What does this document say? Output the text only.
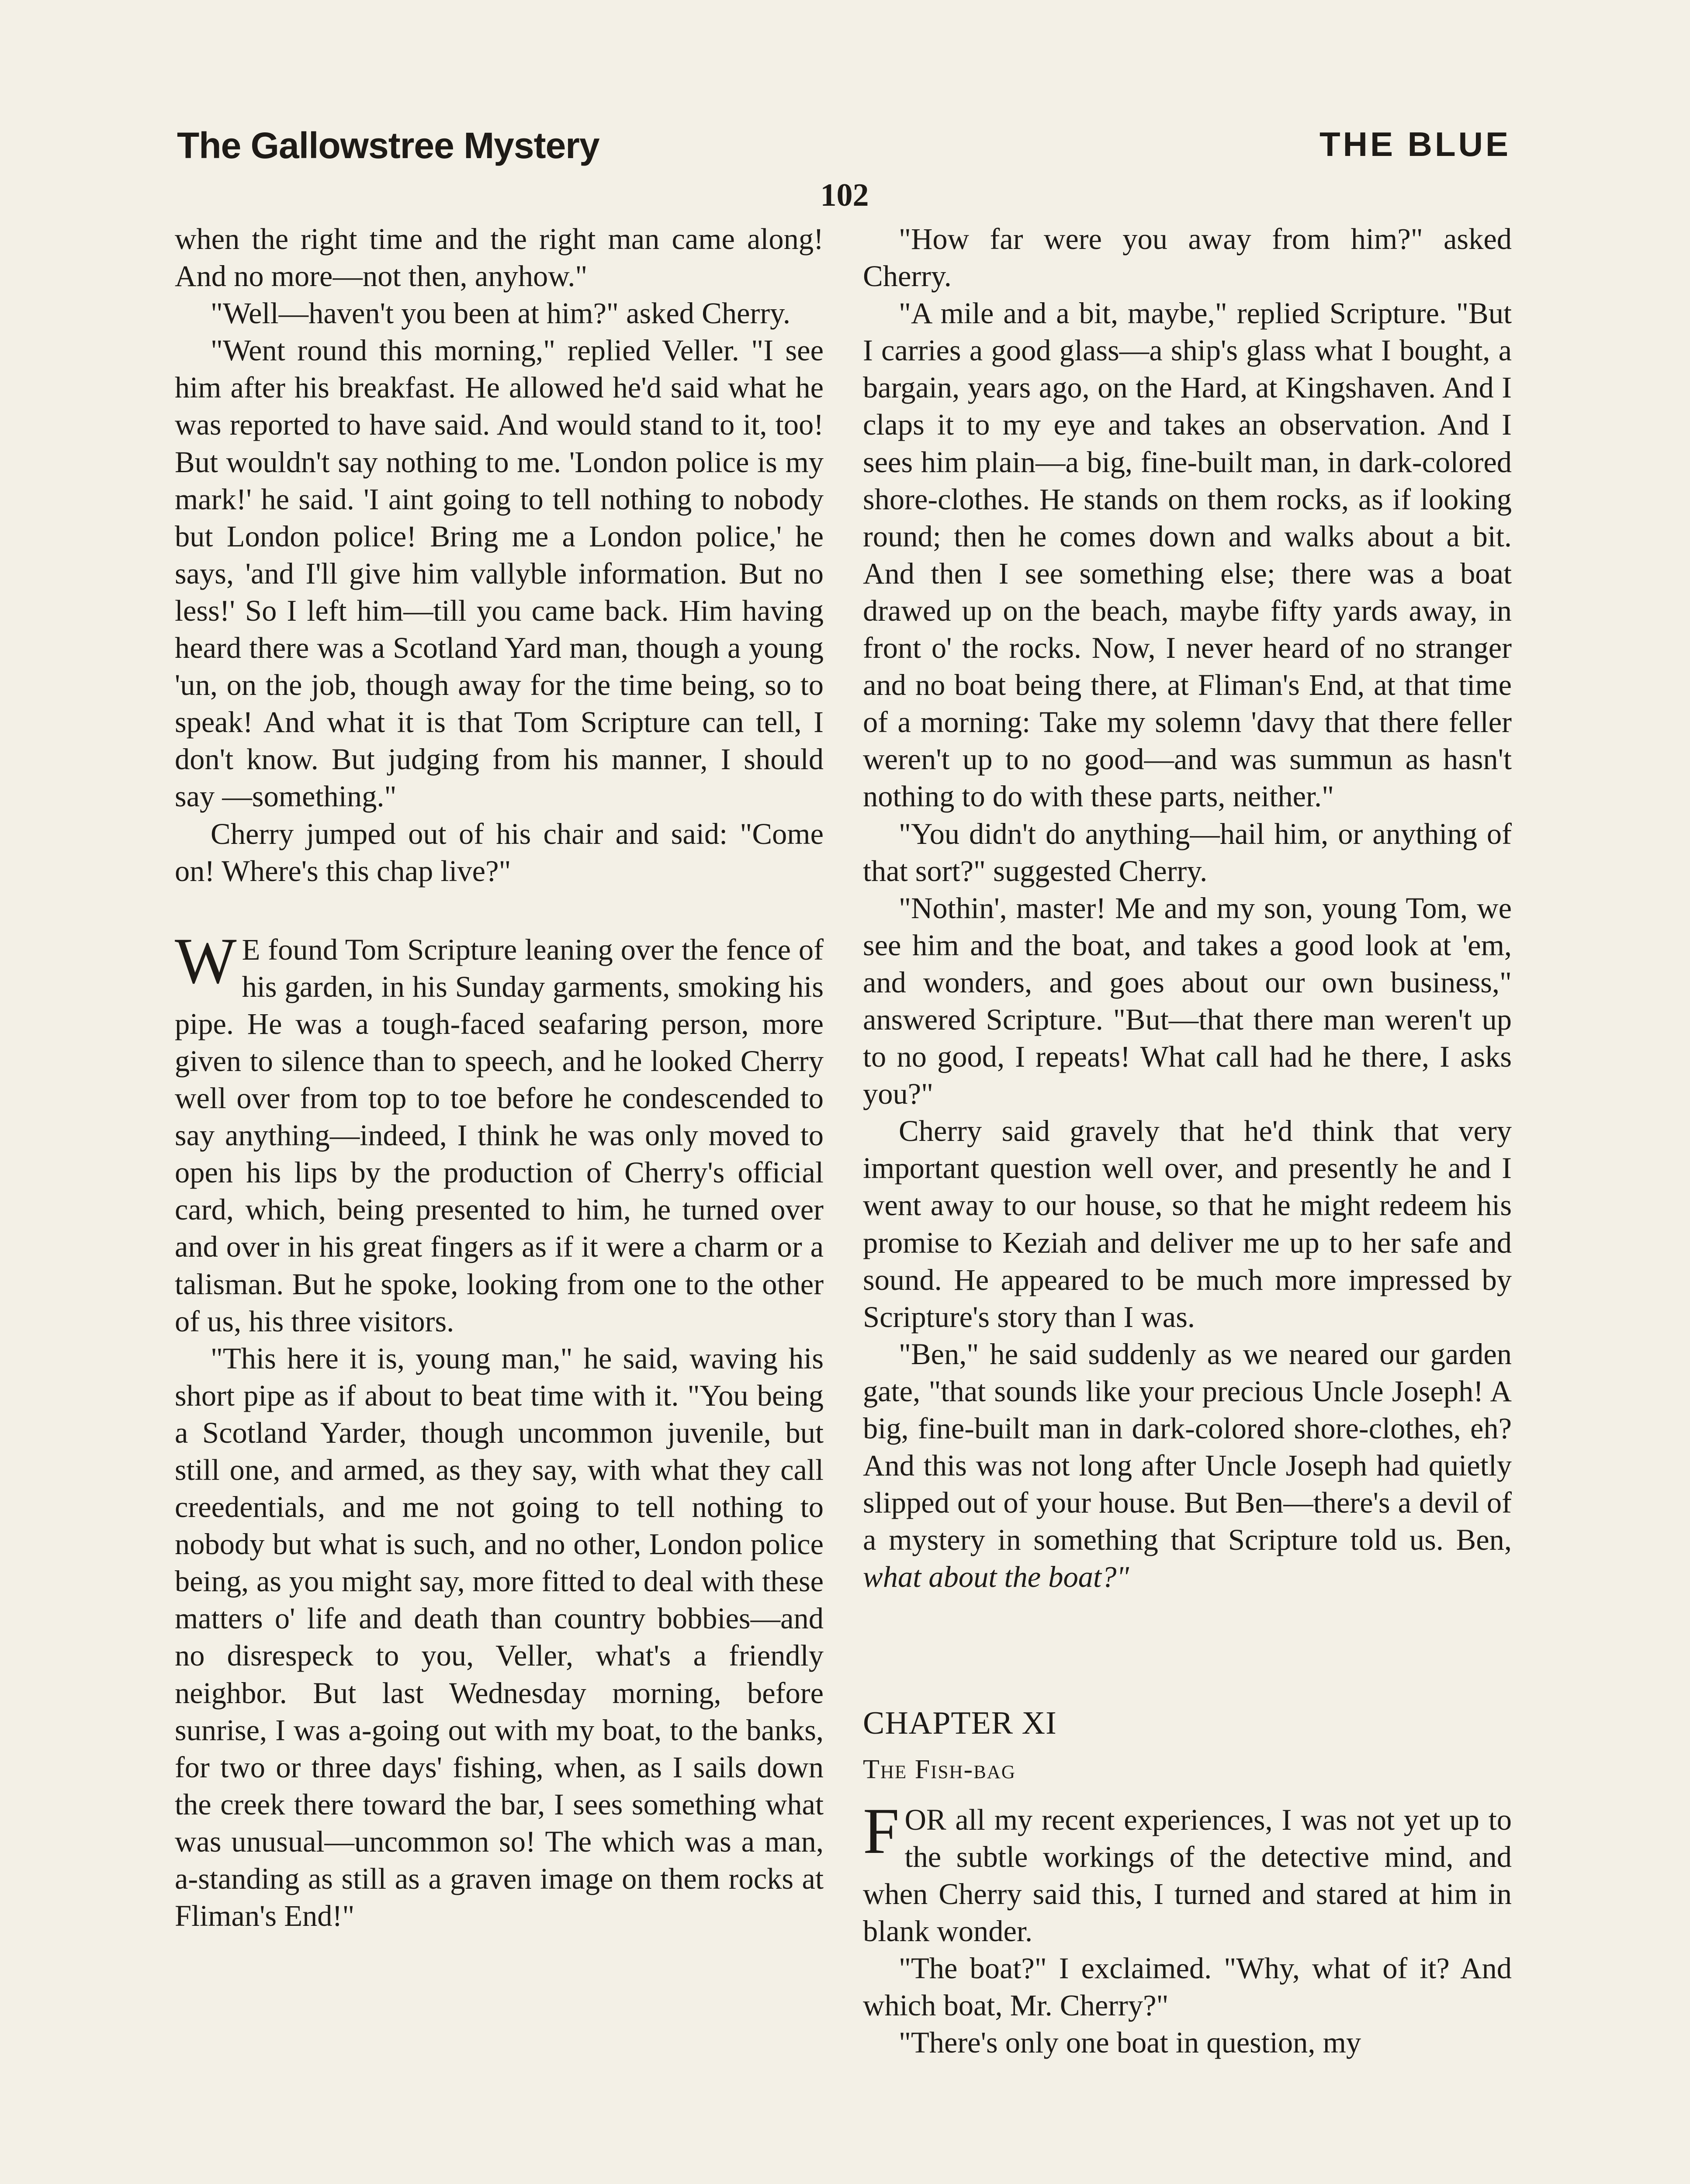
The Gallowstree Mystery	THE BLUE
102

when the right time and the right man came along! And no more—not then, anyhow."

"Well—haven't you been at him?" asked Cherry.

"Went round this morning," replied Veller. "I see him after his breakfast. He allowed he'd said what he was reported to have said. And would stand to it, too! But wouldn't say nothing to me. 'London police is my mark!' he said. 'I aint going to tell nothing to nobody but London police! Bring me a London police,' he says, 'and I'll give him vallyble information. But no less!' So I left him—till you came back. Him having heard there was a Scotland Yard man, though a young 'un, on the job, though away for the time being, so to speak! And what it is that Tom Scripture can tell, I don't know. But judging from his manner, I should say —something."

Cherry jumped out of his chair and said: "Come on! Where's this chap live?"

W E found Tom Scripture leaning over the fence of his garden, in his Sunday garments, smoking his pipe. He was a tough-faced seafaring person, more given to silence than to speech, and he looked Cherry well over from top to toe before he condescended to say anything—indeed, I think he was only moved to open his lips by the production of Cherry's official card, which, being presented to him, he turned over and over in his great fingers as if it were a charm or a talisman. But he spoke, looking from one to the other of us, his three visitors.

"This here it is, young man," he said, waving his short pipe as if about to beat time with it. "You being a Scotland Yarder, though uncommon juvenile, but still one, and armed, as they say, with what they call creedentials, and me not going to tell nothing to nobody but what is such, and no other, London police being, as you might say, more fitted to deal with these matters o' life and death than country bobbies—and no disrespeck to you, Veller, what's a friendly neighbor. But last Wednesday morning, before sunrise, I was a-going out with my boat, to the banks, for two or three days' fishing, when, as I sails down the creek there toward the bar, I sees something what was unusual—uncommon so! The which was a man, a-standing as still as a graven image on them rocks at Fliman's End!"

"How far were you away from him?" asked Cherry.

"A mile and a bit, maybe," replied Scripture. "But I carries a good glass—a ship's glass what I bought, a bargain, years ago, on the Hard, at Kingshaven. And I claps it to my eye and takes an observation. And I sees him plain—a big, fine-built man, in dark-colored shore-clothes. He stands on them rocks, as if looking round; then he comes down and walks about a bit. And then I see something else; there was a boat drawed up on the beach, maybe fifty yards away, in front o' the rocks. Now, I never heard of no stranger and no boat being there, at Fliman's End, at that time of a morning: Take my solemn 'davy that there feller weren't up to no good—and was summun as hasn't nothing to do with these parts, neither."

"You didn't do anything—hail him, or anything of that sort?" suggested Cherry.

"Nothin', master! Me and my son, young Tom, we see him and the boat, and takes a good look at 'em, and wonders, and goes about our own business," answered Scripture. "But—that there man weren't up to no good, I repeats! What call had he there, I asks you?"

Cherry said gravely that he'd think that very important question well over, and presently he and I went away to our house, so that he might redeem his promise to Keziah and deliver me up to her safe and sound. He appeared to be much more impressed by Scripture's story than I was.

"Ben," he said suddenly as we neared our garden gate, "that sounds like your precious Uncle Joseph! A big, fine-built man in dark-colored shore-clothes, eh? And this was not long after Uncle Joseph had quietly slipped out of your house. But Ben—there's a devil of a mystery in something that Scripture told us. Ben, what about the boat?"

CHAPTER XI

The Fish-bag

F OR all my recent experiences, I was not yet up to the subtle workings of the detective mind, and when Cherry said this, I turned and stared at him in blank wonder.

"The boat?" I exclaimed. "Why, what of it? And which boat, Mr. Cherry?"

"There's only one boat in question, my
